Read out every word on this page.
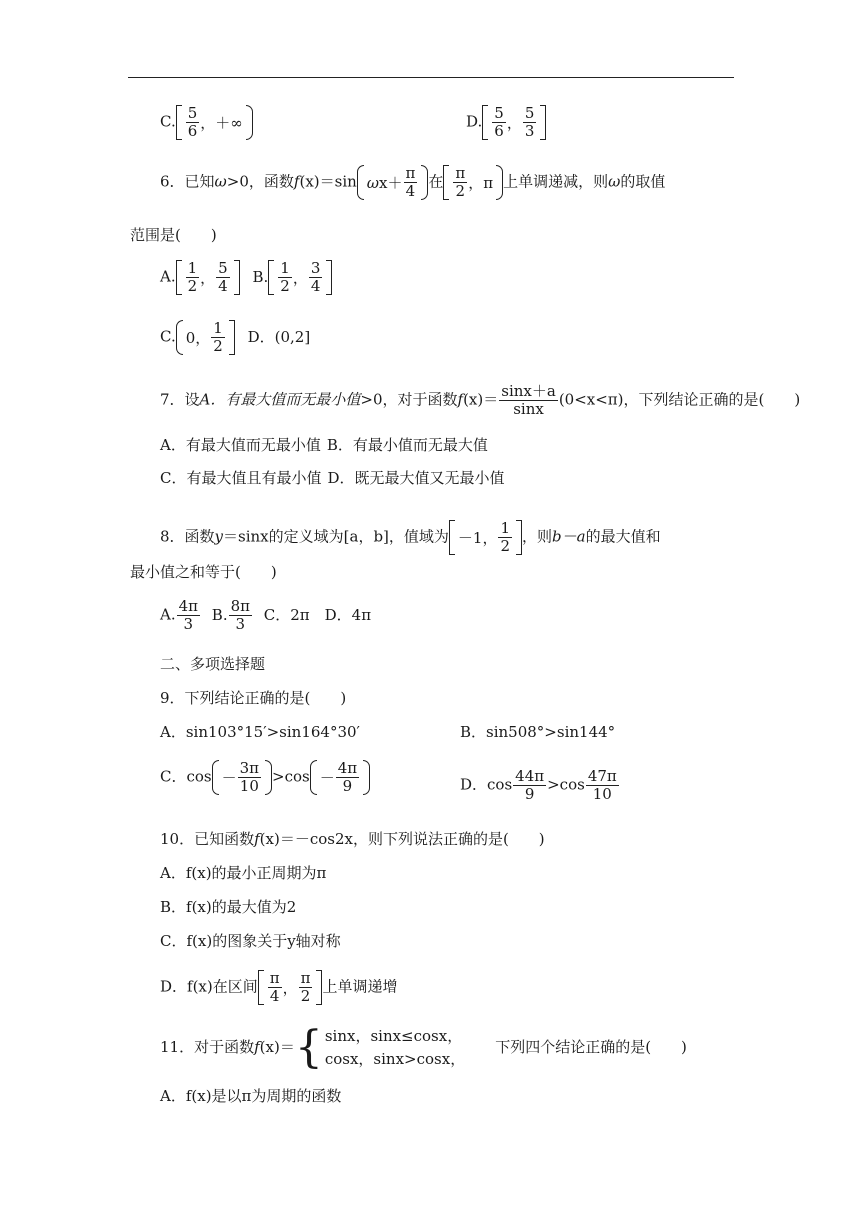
C. 5
6 ，＋∞	D. 5
6 ，
5
3
6．已知ω>0，函数f(x)＝sin ω x＋
π
4
在 π
2 ，π 上单调递减，则ω的取值
范围是(　　)
A. 1
2 ，
5
4
B. 1
2 ，
3
4
C. 0，
1
2
D．(0,2]
7．设A．有最大值而无最小值>0，对于函数$f(x)= \frac{\sin x+a}{\sin x} (0<x<\pi)$，下列结论正确的是(　　)
A．有最大值而无最小值 B．有最小值而无最大值
C．有最大值且有最小值 D．既无最大值又无最小值
8．函数y＝sinx的定义域为[a，b]，值域为 －1，
1
2
，则b－a的最大值和
最小值之和等于(　　)
A. $\frac{4\pi}{3} B$. $\frac{8\pi}{3}$ C．2π　D．4π
二、多项选择题
9．下列结论正确的是(　　)
A．sin103°15′>sin164°30′	B．sin508°>sin144°
C．cos －
3π
10
>cos －
4π
9	D．$\cos \frac{44\pi}{9} >\cos \frac{47\pi}{10}$
10．已知函数f(x)＝－cos2x，则下列说法正确的是(　　)
A．f(x)的最小正周期为π
B．f(x)的最大值为2
C．f(x)的图象关于y轴对称
D．f(x)在区间 π
4 ，
π
2
上单调递增
11．对于函数f(x)＝ { sinx，sinx≤cosx，
cosx，sinx>cosx，
下列四个结论正确的是(　　)
A．f(x)是以π为周期的函数
